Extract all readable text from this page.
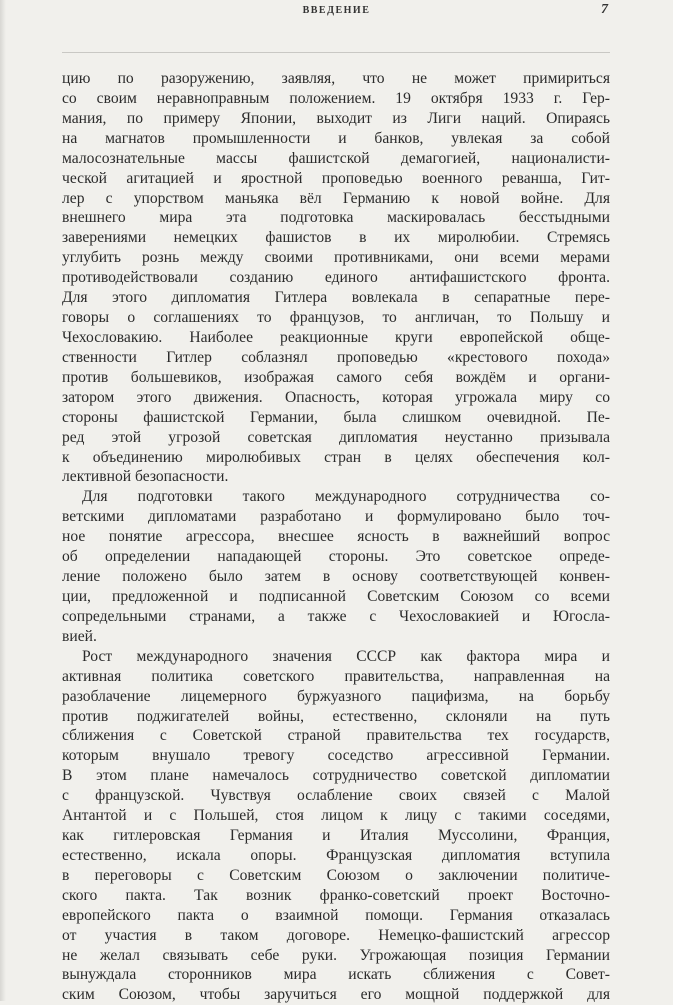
ВВЕДЕНИЕ	7
цию по разоружению, заявляя, что не может примириться
со своим неравноправным положением. 19 октября 1933 г. Гер-
мания, по примеру Японии, выходит из Лиги наций. Опираясь
на магнатов промышленности и банков, увлекая за собой
малосознательные массы фашистской демагогией, националисти-
ческой агитацией и яростной проповедью военного реванша, Гит-
лер с упорством маньяка вёл Германию к новой войне. Для
внешнего мира эта подготовка маскировалась бесстыдными
заверениями немецких фашистов в их миролюбии. Стремясь
углубить рознь между своими противниками, они всеми мерами
противодействовали созданию единого антифашистского фронта.
Для этого дипломатия Гитлера вовлекала в сепаратные пере-
говоры о соглашениях то французов, то англичан, то Польшу и
Чехословакию. Наиболее реакционные круги европейской обще-
ственности Гитлер соблазнял проповедью «крестового похода»
против большевиков, изображая самого себя вождём и органи-
затором этого движения. Опасность, которая угрожала миру со
стороны фашистской Германии, была слишком очевидной. Пе-
ред этой угрозой советская дипломатия неустанно призывала
к объединению миролюбивых стран в целях обеспечения кол-
лективной безопасности.
Для подготовки такого международного сотрудничества со-
ветскими дипломатами разработано и формулировано было точ-
ное понятие агрессора, внесшее ясность в важнейший вопрос
об определении нападающей стороны. Это советское опреде-
ление положено было затем в основу соответствующей конвен-
ции, предложенной и подписанной Советским Союзом со всеми
сопредельными странами, а также с Чехословакией и Югосла-
вией.
Рост международного значения СССР как фактора мира и
активная политика советского правительства, направленная на
разоблачение лицемерного буржуазного пацифизма, на борьбу
против поджигателей войны, естественно, склоняли на путь
сближения с Советской страной правительства тех государств,
которым внушало тревогу соседство агрессивной Германии.
В этом плане намечалось сотрудничество советской дипломатии
с французской. Чувствуя ослабление своих связей с Малой
Антантой и с Польшей, стоя лицом к лицу с такими соседями,
как гитлеровская Германия и Италия Муссолини, Франция,
естественно, искала опоры. Французская дипломатия вступила
в переговоры с Советским Союзом о заключении политиче-
ского пакта. Так возник франко-советский проект Восточно-
европейского пакта о взаимной помощи. Германия отказалась
от участия в таком договоре. Немецко-фашистский агрессор
не желал связывать себе руки. Угрожающая позиция Германии
вынуждала сторонников мира искать сближения с Совет-
ским Союзом, чтобы заручиться его мощной поддержкой для
